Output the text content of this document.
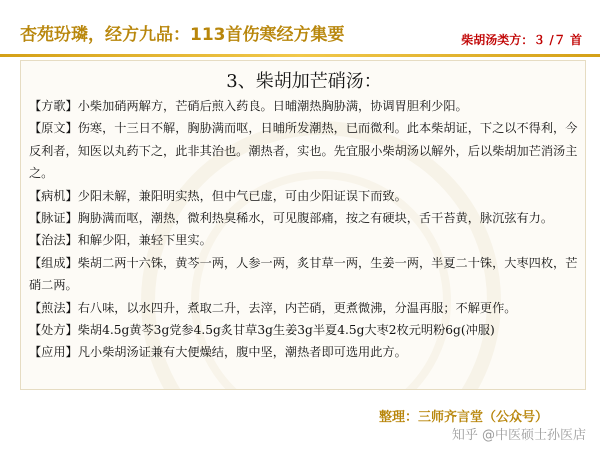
杏苑玢璘，经方九品：113首伤寒经方集要	柴胡汤类方：３ /７ 首
3、柴胡加芒硝汤：
【方歌】小柴加硝两解方，芒硝后煎入药良。日晡潮热胸胁满，协调胃胆利少阳。
【原文】伤寒，十三日不解，胸胁满而呕，日晡所发潮热，已而微利。此本柴胡证，下之以不得利，今反利者，知医以丸药下之，此非其治也。潮热者，实也。先宜服小柴胡汤以解外，后以柴胡加芒消汤主之。
【病机】少阳未解，兼阳明实热，但中气已虚，可由少阳证误下而致。
【脉证】胸胁满而呕，潮热，微利热臭稀水，可见腹部痛，按之有硬块，舌干苔黄，脉沉弦有力。
【治法】和解少阳，兼轻下里实。
【组成】柴胡二两十六铢，黄芩一两，人参一两，炙甘草一两，生姜一两，半夏二十铢，大枣四枚，芒硝二两。
【煎法】右八味，以水四升，煮取二升，去滓，内芒硝，更煮微沸，分温再服；不解更作。
【处方】柴胡4.5g黄芩3g党参4.5g炙甘草3g生姜3g半夏4.5g大枣2枚元明粉6g(冲服)
【应用】凡小柴胡汤证兼有大便燥结，腹中坚，潮热者即可选用此方。
整理：三师齐言堂（公众号）
知乎 @中医硕士孙医店
